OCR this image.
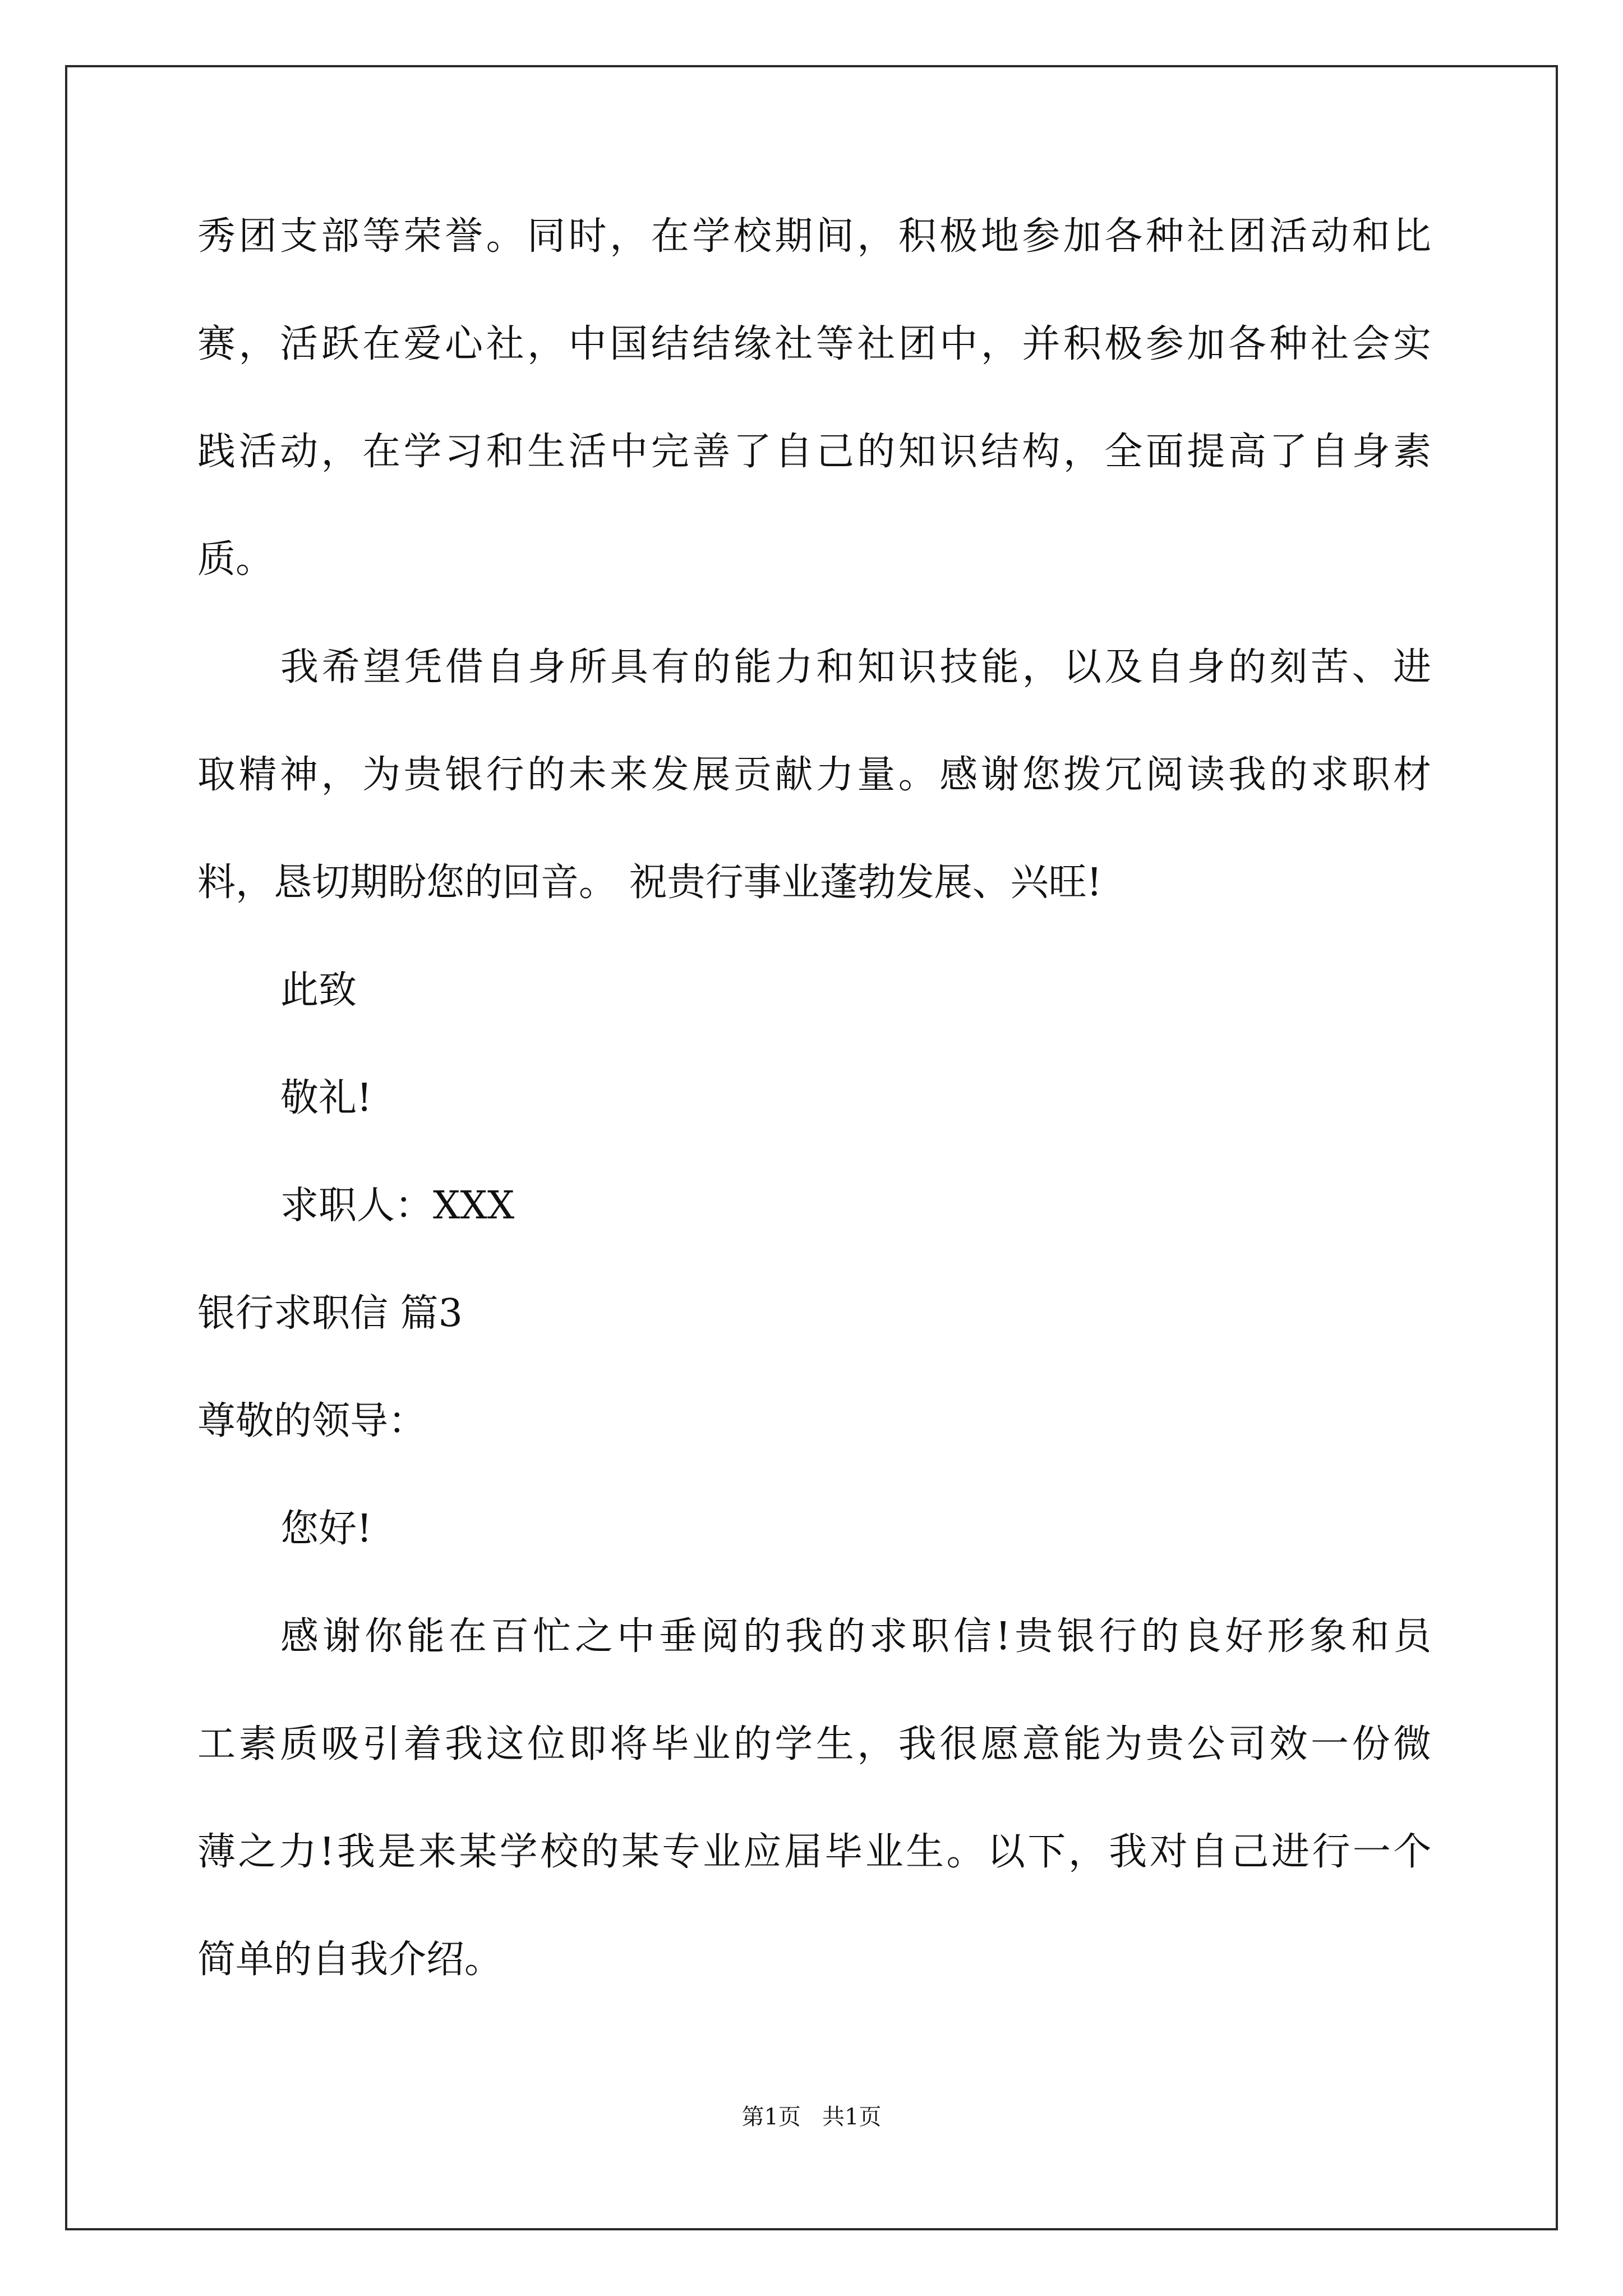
秀团支部等荣誉。同时，在学校期间，积极地参加各种社团活动和比
赛，活跃在爱心社，中国结结缘社等社团中，并积极参加各种社会实
践活动，在学习和生活中完善了自己的知识结构，全面提高了自身素
质。
我希望凭借自身所具有的能力和知识技能，以及自身的刻苦、进
取精神，为贵银行的未来发展贡献力量。感谢您拨冗阅读我的求职材
料，恳切期盼您的回音。 祝贵行事业蓬勃发展、兴旺!
此致
敬礼!
求职人：XXX
银行求职信 篇3
尊敬的领导：
您好!
感谢你能在百忙之中垂阅的我的求职信!贵银行的良好形象和员
工素质吸引着我这位即将毕业的学生，我很愿意能为贵公司效一份微
薄之力!我是来某学校的某专业应届毕业生。以下，我对自己进行一个
简单的自我介绍。
第1页   共1页
